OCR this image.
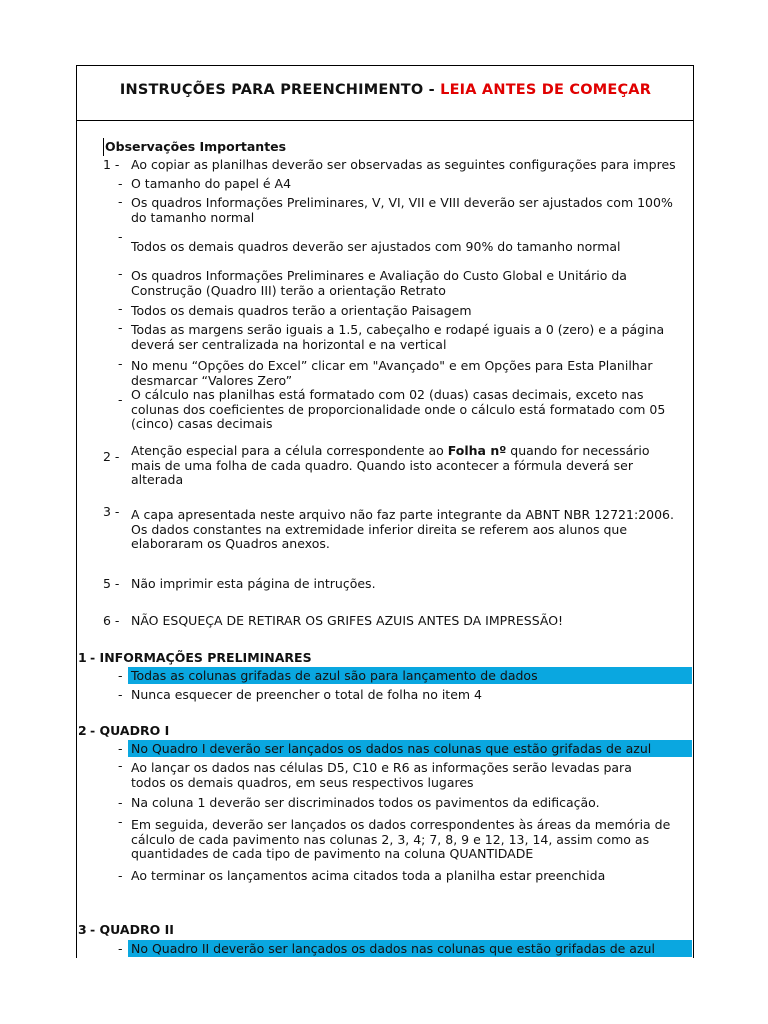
INSTRUÇÕES PARA PREENCHIMENTO - LEIA ANTES DE COMEÇAR
Observações Importantes
1 - Ao copiar as planilhas deverão ser observadas as seguintes configurações para impres
- O tamanho do papel é A4
- Os quadros Informações Preliminares, V, VI, VII e VIII deverão ser ajustados com 100%
do tamanho normal
-
Todos os demais quadros deverão ser ajustados com 90% do tamanho normal
- Os quadros Informações Preliminares e Avaliação do Custo Global e Unitário da
Construção (Quadro III) terão a orientação Retrato
- Todos os demais quadros terão a orientação Paisagem
- Todas as margens serão iguais a 1.5, cabeçalho e rodapé iguais a 0 (zero) e a página
deverá ser centralizada na horizontal e na vertical
- No menu “Opções do Excel” clicar em "Avançado" e em Opções para Esta Planilhar
desmarcar “Valores Zero”
- O cálculo nas planilhas está formatado com 02 (duas) casas decimais, exceto nas
colunas dos coeficientes de proporcionalidade onde o cálculo está formatado com 05
(cinco) casas decimais
2 - Atenção especial para a célula correspondente ao Folha nº quando for necessário
mais de uma folha de cada quadro. Quando isto acontecer a fórmula deverá ser
alterada
3 - A capa apresentada neste arquivo não faz parte integrante da ABNT NBR 12721:2006.
Os dados constantes na extremidade inferior direita se referem aos alunos que
elaboraram os Quadros anexos.
5 - Não imprimir esta página de intruções.
6 - NÃO ESQUEÇA DE RETIRAR OS GRIFES AZUIS ANTES DA IMPRESSÃO!
1 - INFORMAÇÕES PRELIMINARES
- Todas as colunas grifadas de azul são para lançamento de dados
- Nunca esquecer de preencher o total de folha no item 4
2 - QUADRO I
- No Quadro I deverão ser lançados os dados nas colunas que estão grifadas de azul
- Ao lançar os dados nas células D5, C10 e R6 as informações serão levadas para
todos os demais quadros, em seus respectivos lugares
- Na coluna 1 deverão ser discriminados todos os pavimentos da edificação.
- Em seguida, deverão ser lançados os dados correspondentes às áreas da memória de
cálculo de cada pavimento nas colunas 2, 3, 4; 7, 8, 9 e 12, 13, 14, assim como as
quantidades de cada tipo de pavimento na coluna QUANTIDADE
- Ao terminar os lançamentos acima citados toda a planilha estar preenchida
3 - QUADRO II
- No Quadro II deverão ser lançados os dados nas colunas que estão grifadas de azul
